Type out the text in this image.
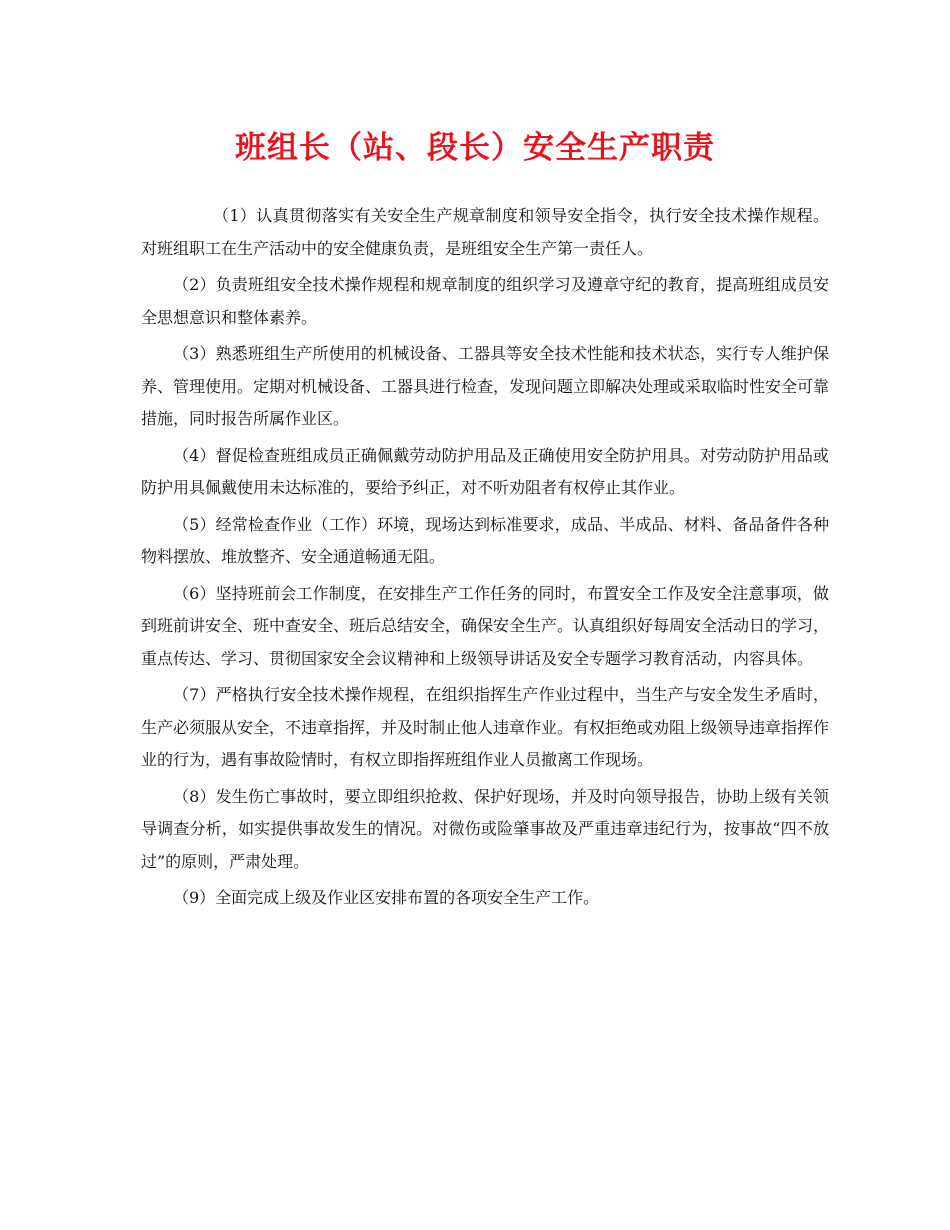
班组长（站、段长）安全生产职责

（1）认真贯彻落实有关安全生产规章制度和领导安全指令，执行安全技术操作规程。对班组职工在生产活动中的安全健康负责，是班组安全生产第一责任人。

（2）负责班组安全技术操作规程和规章制度的组织学习及遵章守纪的教育，提高班组成员安全思想意识和整体素养。

（3）熟悉班组生产所使用的机械设备、工器具等安全技术性能和技术状态，实行专人维护保养、管理使用。定期对机械设备、工器具进行检查，发现问题立即解决处理或采取临时性安全可靠措施，同时报告所属作业区。

（4）督促检查班组成员正确佩戴劳动防护用品及正确使用安全防护用具。对劳动防护用品或防护用具佩戴使用未达标准的，要给予纠正，对不听劝阻者有权停止其作业。

（5）经常检查作业（工作）环境，现场达到标准要求，成品、半成品、材料、备品备件各种物料摆放、堆放整齐、安全通道畅通无阻。

（6）坚持班前会工作制度，在安排生产工作任务的同时，布置安全工作及安全注意事项，做到班前讲安全、班中查安全、班后总结安全，确保安全生产。认真组织好每周安全活动日的学习，重点传达、学习、贯彻国家安全会议精神和上级领导讲话及安全专题学习教育活动，内容具体。

（7）严格执行安全技术操作规程，在组织指挥生产作业过程中，当生产与安全发生矛盾时，生产必须服从安全，不违章指挥，并及时制止他人违章作业。有权拒绝或劝阻上级领导违章指挥作业的行为，遇有事故险情时，有权立即指挥班组作业人员撤离工作现场。

（8）发生伤亡事故时，要立即组织抢救、保护好现场，并及时向领导报告，协助上级有关领导调查分析，如实提供事故发生的情况。对微伤或险肇事故及严重违章违纪行为，按事故“四不放过”的原则，严肃处理。

（9）全面完成上级及作业区安排布置的各项安全生产工作。
